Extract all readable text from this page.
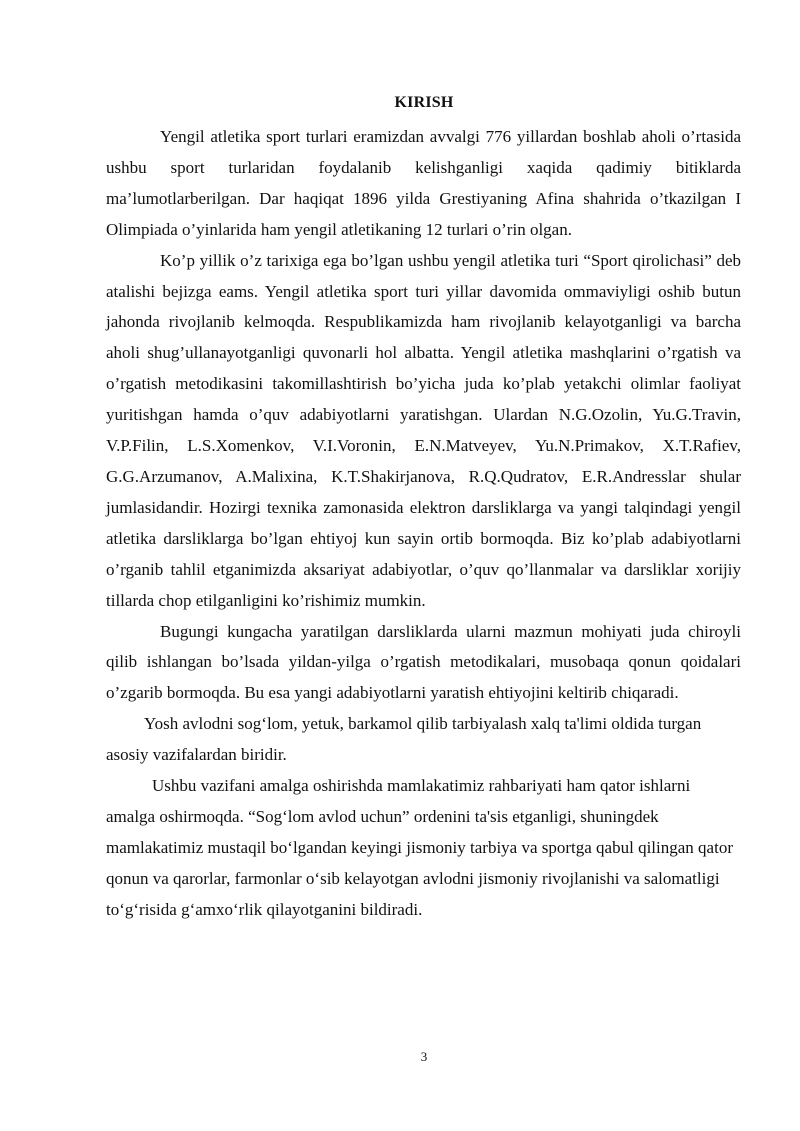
KIRISH

Yengil atletika sport turlari eramizdan avvalgi 776 yillardan boshlab aholi o’rtasida ushbu sport turlaridan foydalanib kelishganligi xaqida qadimiy bitiklarda ma’lumotlarberilgan. Dar haqiqat 1896 yilda Grestiyaning Afina shahrida o’tkazilgan I Olimpiada o’yinlarida ham yengil atletikaning 12 turlari o’rin olgan.

Ko’p yillik o’z tarixiga ega bo’lgan ushbu yengil atletika turi “Sport qirolichasi” deb atalishi bejizga eams. Yengil atletika sport turi yillar davomida ommaviyligi oshib butun jahonda rivojlanib kelmoqda. Respublikamizda ham rivojlanib kelayotganligi va barcha aholi shug’ullanayotganligi quvonarli hol albatta. Yengil atletika mashqlarini o’rgatish va o’rgatish metodikasini takomillashtirish bo’yicha juda ko’plab yetakchi olimlar faoliyat yuritishgan hamda o’quv adabiyotlarni yaratishgan. Ulardan N.G.Ozolin, Yu.G.Travin, V.P.Filin, L.S.Xomenkov, V.I.Voronin, E.N.Matveyev, Yu.N.Primakov, X.T.Rafiev, G.G.Arzumanov, A.Malixina, K.T.Shakirjanova, R.Q.Qudratov, E.R.Andresslar shular jumlasidandir. Hozirgi texnika zamonasida elektron darsliklarga va yangi talqindagi yengil atletika darsliklarga bo’lgan ehtiyoj kun sayin ortib bormoqda. Biz ko’plab adabiyotlarni o’rganib tahlil etganimizda aksariyat adabiyotlar, o’quv qo’llanmalar va darsliklar xorijiy tillarda chop etilganligini ko’rishimiz mumkin.

Bugungi kungacha yaratilgan darsliklarda ularni mazmun mohiyati juda chiroyli qilib ishlangan bo’lsada yildan-yilga o’rgatish metodikalari, musobaqa qonun qoidalari o’zgarib bormoqda. Bu esa yangi adabiyotlarni yaratish ehtiyojini keltirib chiqaradi.

Yosh avlodni sog‘lom, yetuk, barkamol qilib tarbiyalash xalq ta'limi oldida turgan asosiy vazifalardan biridir.

Ushbu vazifani amalga oshirishda mamlakatimiz rahbariyati ham qator ishlarni amalga oshirmoqda. “Sog‘lom avlod uchun” ordenini ta'sis etganligi, shuningdek mamlakatimiz mustaqil bo‘lgandan keyingi jismoniy tarbiya va sportga qabul qilingan qator qonun va qarorlar, farmonlar o‘sib kelayotgan avlodni jismoniy rivojlanishi va salomatligi to‘g‘risida g‘amxo‘rlik qilayotganini bildiradi.

3
